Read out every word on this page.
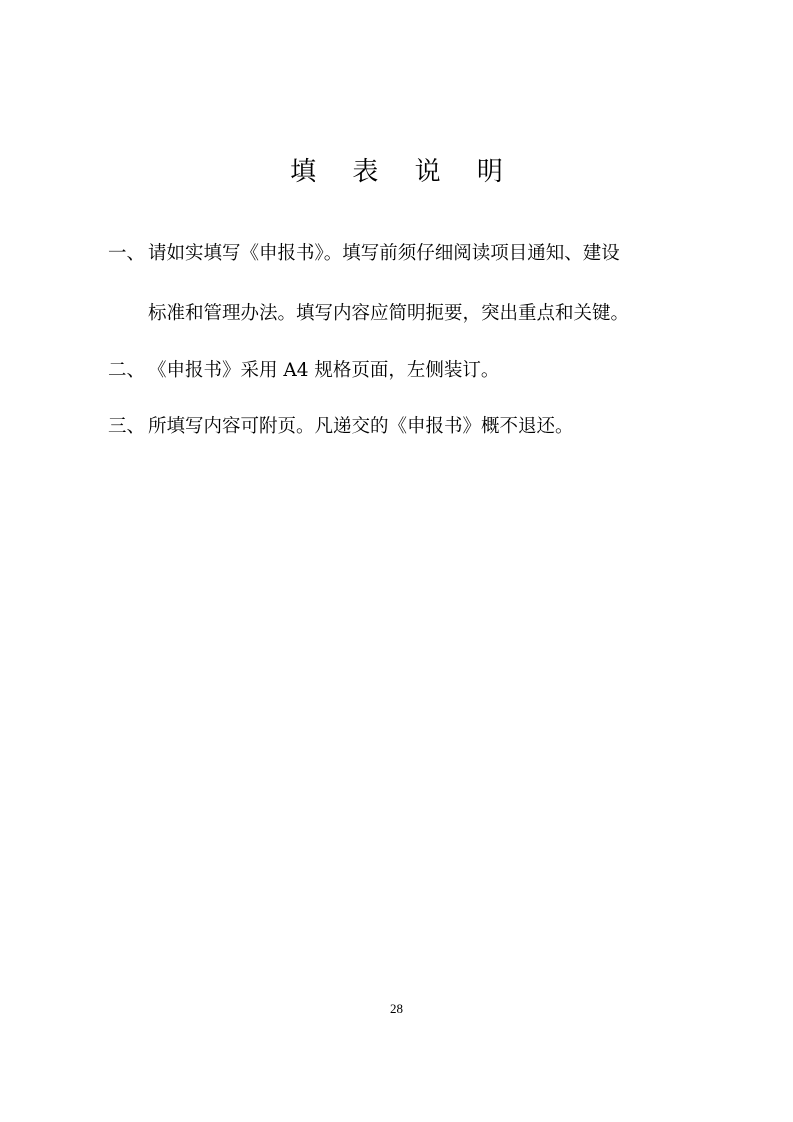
填 表 说 明
一、 请如实填写《申报书》。填写前须仔细阅读项目通知、建设
标准和管理办法。填写内容应简明扼要，突出重点和关键。
二、 《申报书》采用 A4 规格页面，左侧装订。
三、 所填写内容可附页。凡递交的《申报书》概不退还。
28
